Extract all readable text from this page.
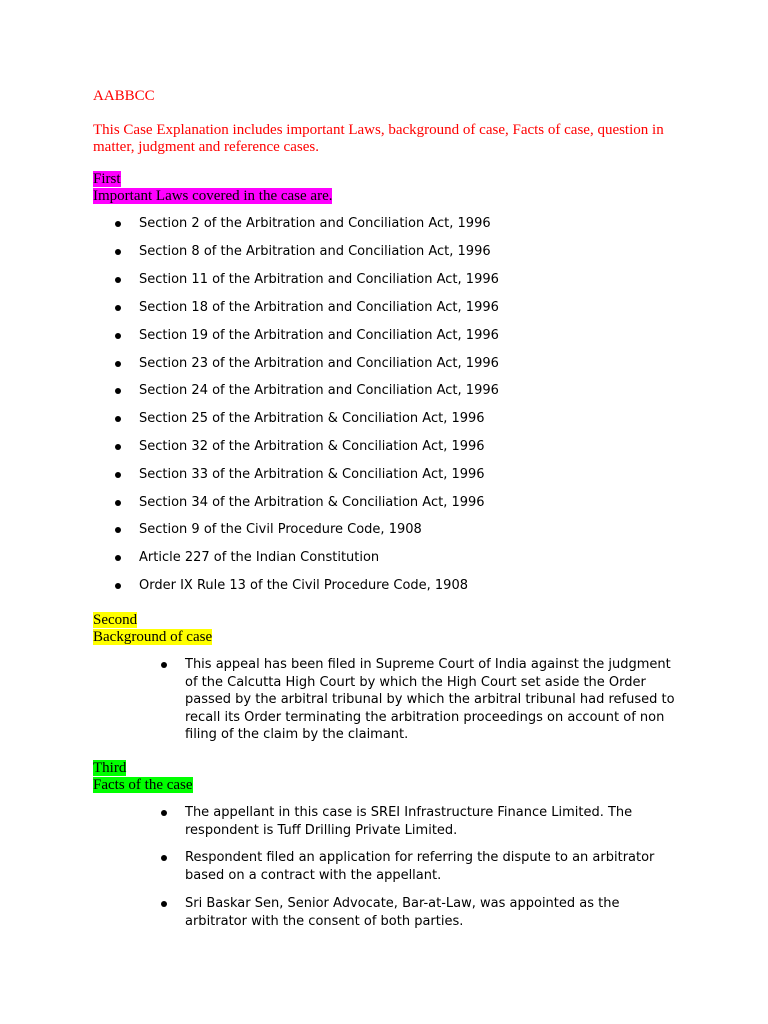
AABBCC
This Case Explanation includes important Laws, background of case, Facts of case, question in matter, judgment and reference cases.
First
Important Laws covered in the case are.
Section 2 of the Arbitration and Conciliation Act, 1996
Section 8 of the Arbitration and Conciliation Act, 1996
Section 11 of the Arbitration and Conciliation Act, 1996
Section 18 of the Arbitration and Conciliation Act, 1996
Section 19 of the Arbitration and Conciliation Act, 1996
Section 23 of the Arbitration and Conciliation Act, 1996
Section 24 of the Arbitration and Conciliation Act, 1996
Section 25 of the Arbitration & Conciliation Act, 1996
Section 32 of the Arbitration & Conciliation Act, 1996
Section 33 of the Arbitration & Conciliation Act, 1996
Section 34 of the Arbitration & Conciliation Act, 1996
Section 9 of the Civil Procedure Code, 1908
Article 227 of the Indian Constitution
Order IX Rule 13 of the Civil Procedure Code, 1908
Second
Background of case
This appeal has been filed in Supreme Court of India against the judgment of the Calcutta High Court by which the High Court set aside the Order passed by the arbitral tribunal by which the arbitral tribunal had refused to recall its Order terminating the arbitration proceedings on account of non filing of the claim by the claimant.
Third
Facts of the case
The appellant in this case is SREI Infrastructure Finance Limited. The respondent is Tuff Drilling Private Limited.
Respondent filed an application for referring the dispute to an arbitrator based on a contract with the appellant.
Sri Baskar Sen, Senior Advocate, Bar-at-Law, was appointed as the arbitrator with the consent of both parties.
